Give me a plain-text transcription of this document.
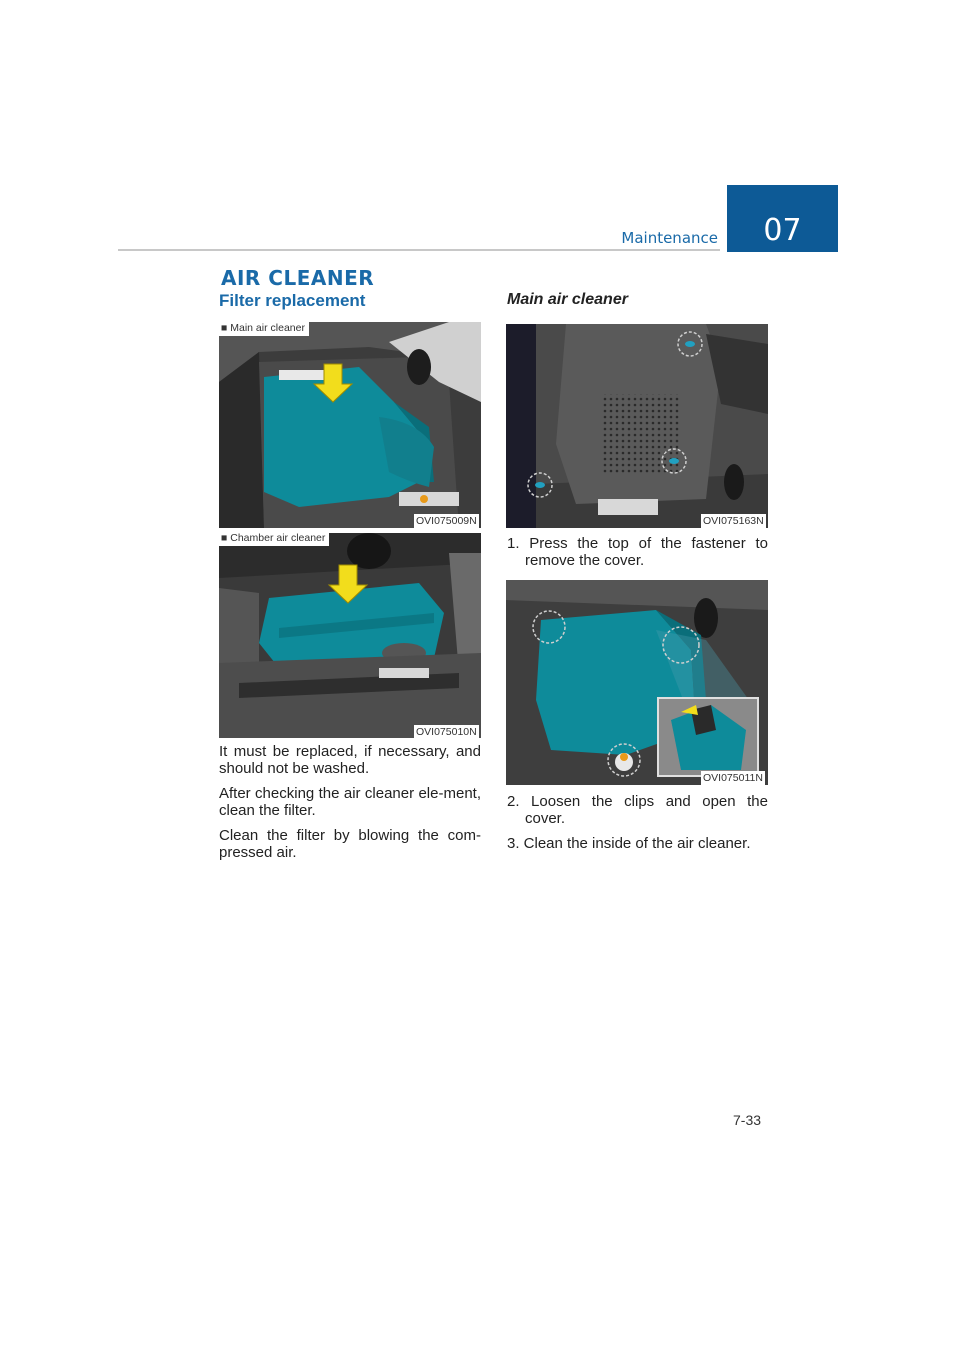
Maintenance	07
AIR CLEANER
Filter replacement	Main air cleaner
■ Main air cleaner
OVI075009N
■ Chamber air cleaner
OVI075010N

It must be replaced, if necessary, and should not be washed.

After checking the air cleaner ele-ment, clean the filter.

Clean the filter by blowing the com-pressed air.

OVI075163N

1. Press the top of the fastener to remove the cover.

OVI075011N

2. Loosen the clips and open the cover.

3. Clean the inside of the air cleaner.

7-33
